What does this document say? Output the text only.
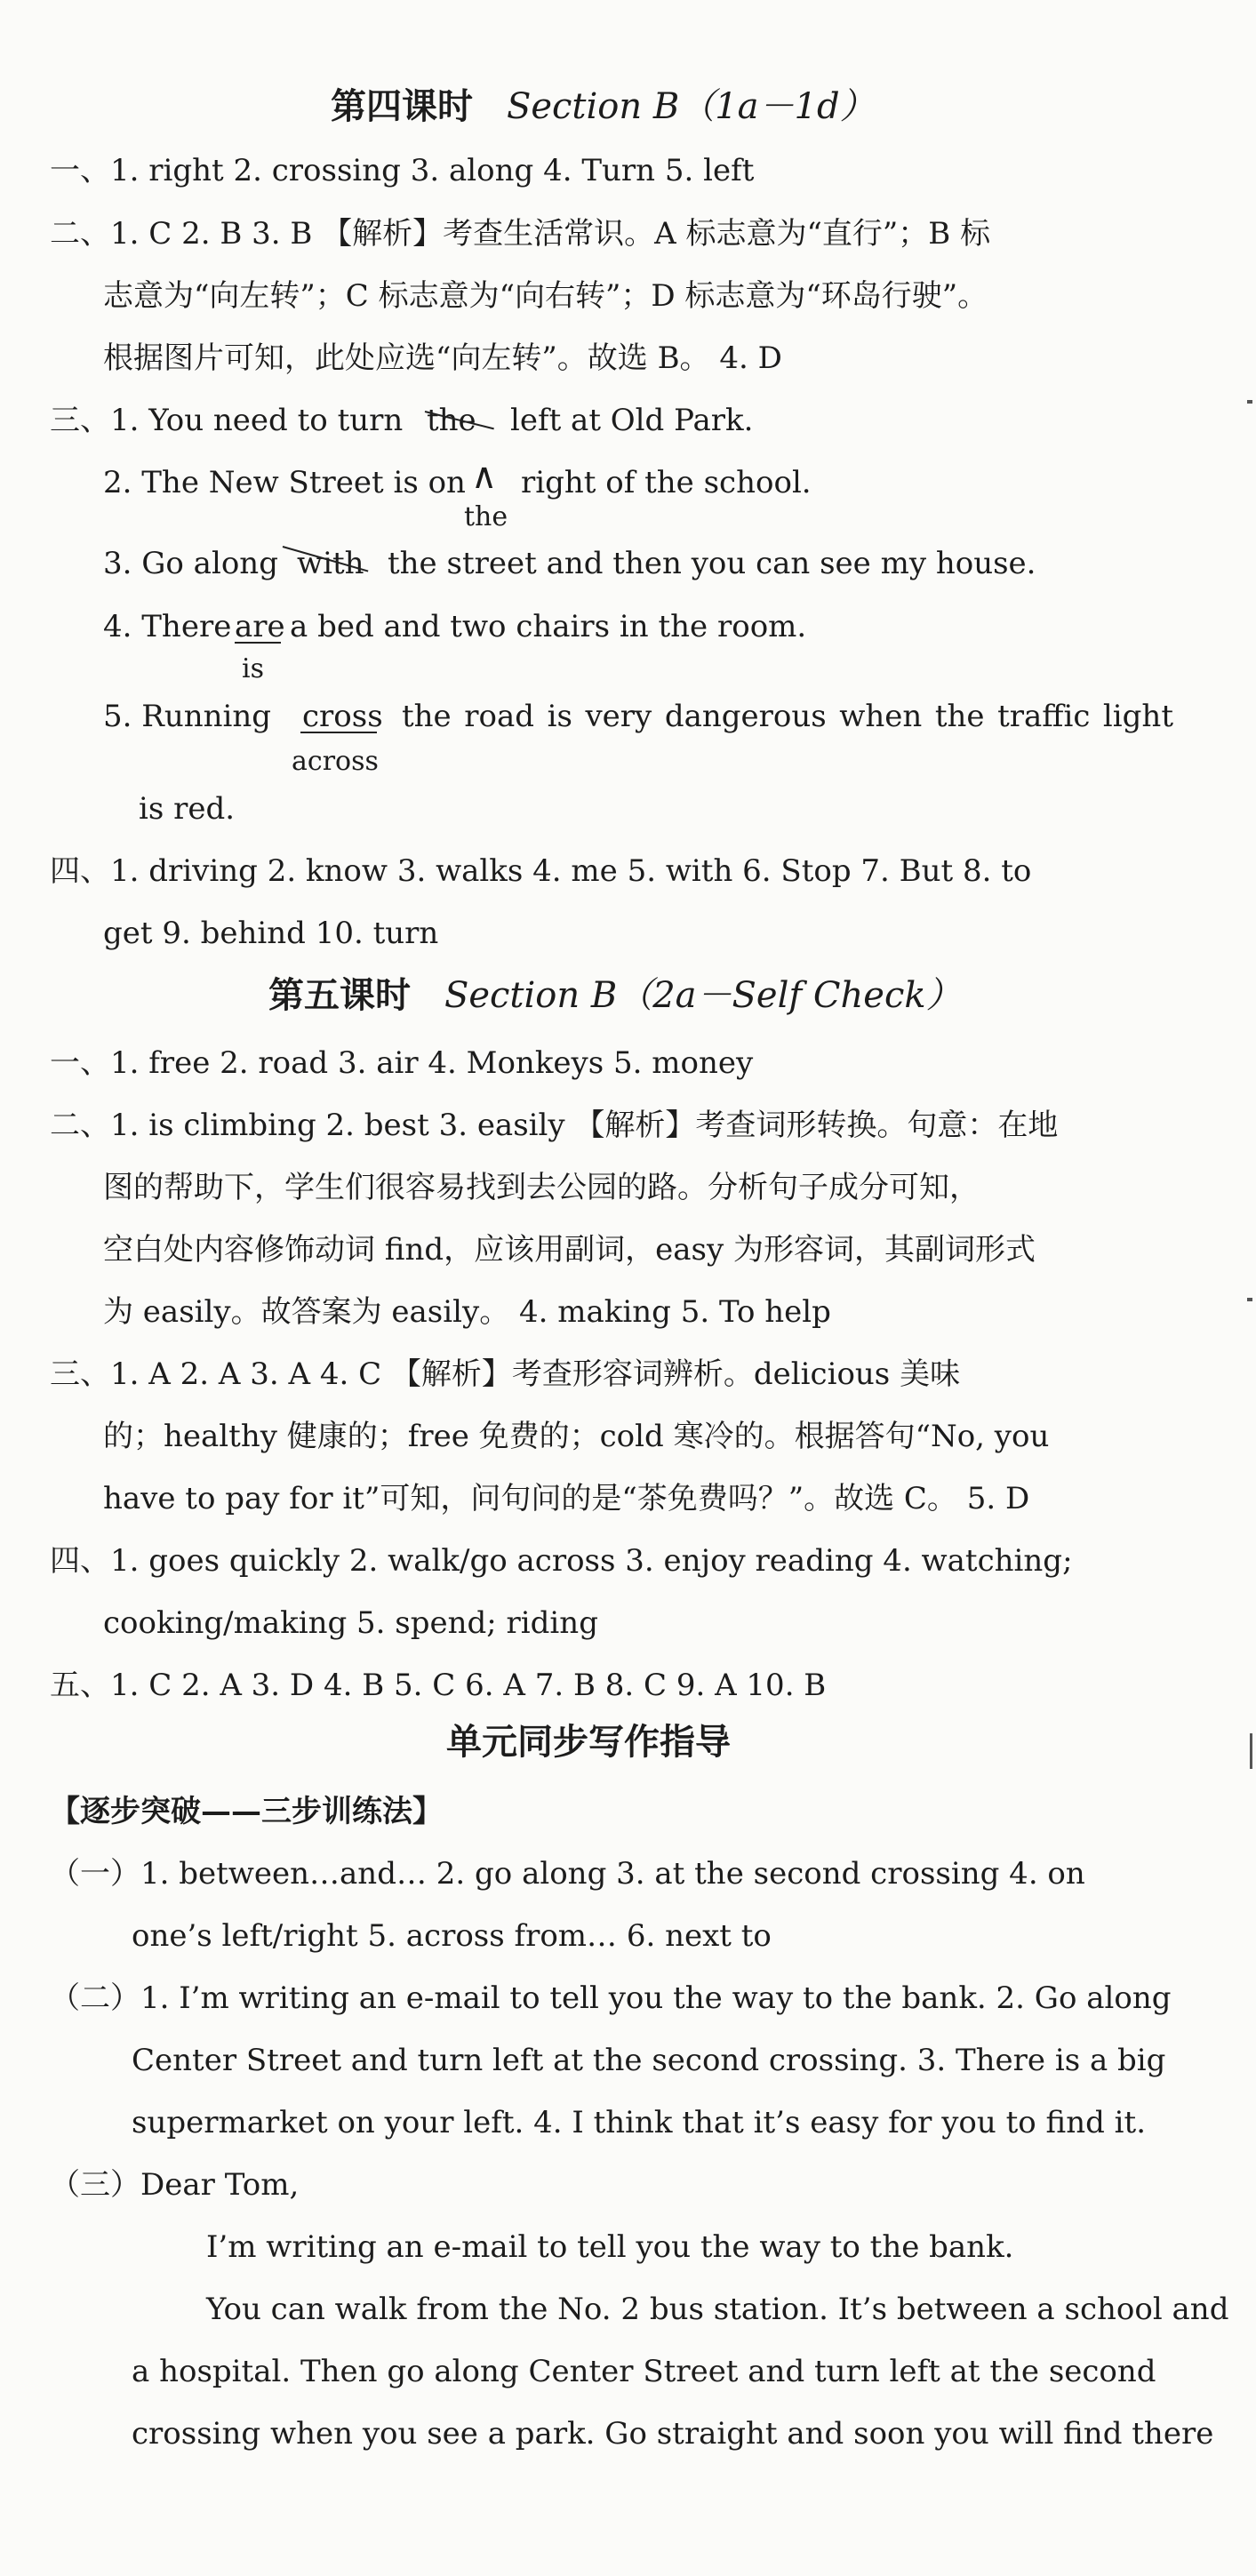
第四课时 Section B（1a－1d）
一、1. right 2. crossing 3. along 4. Turn 5. left
二、1. C 2. B 3. B 【解析】考查生活常识。A 标志意为“直行”；B 标
志意为“向左转”；C 标志意为“向右转”；D 标志意为“环岛行驶”。
根据图片可知，此处应选“向左转”。故选 B。 4. D
三、1. You need to turn the left at Old Park.
2. The New Street is on ∧ right of the school.
the
3. Go along with the street and then you can see my house.
4. There are a bed and two chairs in the room.
is
5. Running cross the road is very dangerous when the traffic light
across
is red.
四、1. driving 2. know 3. walks 4. me 5. with 6. Stop 7. But 8. to
get 9. behind 10. turn
第五课时 Section B（2a－Self Check）
一、1. free 2. road 3. air 4. Monkeys 5. money
二、1. is climbing 2. best 3. easily 【解析】考查词形转换。句意：在地
图的帮助下，学生们很容易找到去公园的路。分析句子成分可知，
空白处内容修饰动词 find，应该用副词，easy 为形容词，其副词形式
为 easily。故答案为 easily。 4. making 5. To help
三、1. A 2. A 3. A 4. C 【解析】考查形容词辨析。delicious 美味
的；healthy 健康的；free 免费的；cold 寒冷的。根据答句“No, you
have to pay for it”可知，问句问的是“茶免费吗？”。故选 C。 5. D
四、1. goes quickly 2. walk/go across 3. enjoy reading 4. watching;
cooking/making 5. spend; riding
五、1. C 2. A 3. D 4. B 5. C 6. A 7. B 8. C 9. A 10. B
单元同步写作指导
【逐步突破——三步训练法】
（一）1. between…and… 2. go along 3. at the second crossing 4. on
one’s left/right 5. across from… 6. next to
（二）1. I’m writing an e-mail to tell you the way to the bank. 2. Go along
Center Street and turn left at the second crossing. 3. There is a big
supermarket on your left. 4. I think that it’s easy for you to find it.
（三）Dear Tom,
I’m writing an e-mail to tell you the way to the bank.
You can walk from the No. 2 bus station. It’s between a school and
a hospital. Then go along Center Street and turn left at the second
crossing when you see a park. Go straight and soon you will find there
